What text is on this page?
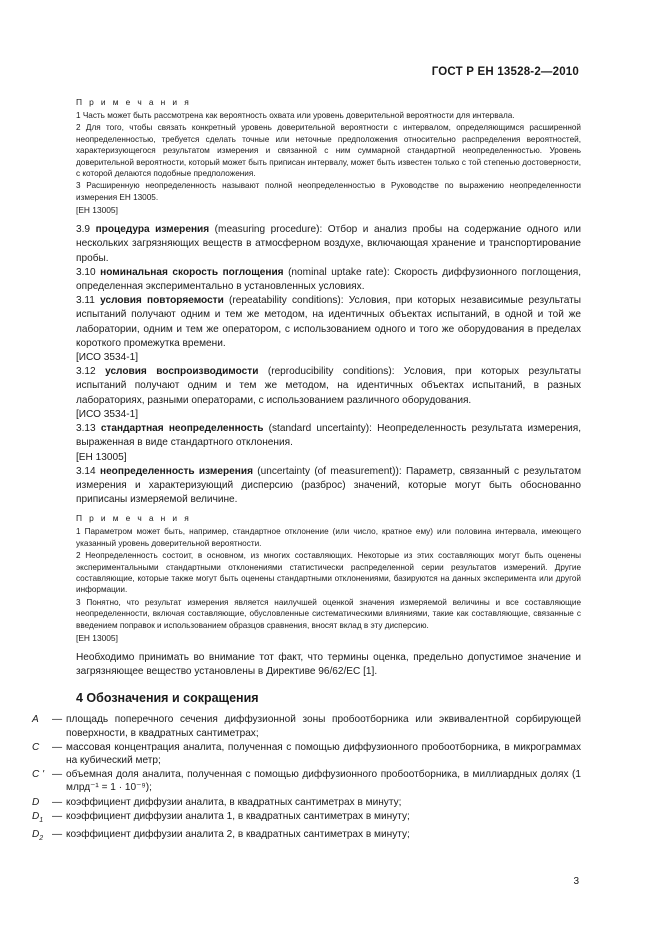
ГОСТ Р ЕН 13528-2—2010
П р и м е ч а н и я

1 Часть может быть рассмотрена как вероятность охвата или уровень доверительной вероятности для интервала.

2 Для того, чтобы связать конкретный уровень доверительной вероятности с интервалом, определяющимся расширенной неопределенностью, требуется сделать точные или неточные предположения относительно распределения вероятностей, характеризующегося результатом измерения и связанной с ним суммарной стандартной неопределенностью. Уровень доверительной вероятности, который может быть приписан интервалу, может быть известен только с той степенью достоверности, с которой делаются подобные предположения.

3 Расширенную неопределенность называют полной неопределенностью в Руководстве по выражению неопределенности измерения ЕН 13005.

[ЕН 13005]

3.9 процедура измерения (measuring procedure): Отбор и анализ пробы на содержание одного или нескольких загрязняющих веществ в атмосферном воздухе, включающая хранение и транспортирование пробы.

3.10 номинальная скорость поглощения (nominal uptake rate): Скорость диффузионного поглощения, определенная экспериментально в установленных условиях.

3.11 условия повторяемости (repeatability conditions): Условия, при которых независимые результаты испытаний получают одним и тем же методом, на идентичных объектах испытаний, в одной и той же лаборатории, одним и тем же оператором, с использованием одного и того же оборудования в пределах короткого промежутка времени.

[ИСО 3534-1]

3.12 условия воспроизводимости (reproducibility conditions): Условия, при которых результаты испытаний получают одним и тем же методом, на идентичных объектах испытаний, в разных лабораториях, разными операторами, с использованием различного оборудования.

[ИСО 3534-1]

3.13 стандартная неопределенность (standard uncertainty): Неопределенность результата измерения, выраженная в виде стандартного отклонения.

[ЕН 13005]

3.14 неопределенность измерения (uncertainty (of measurement)): Параметр, связанный с результатом измерения и характеризующий дисперсию (разброс) значений, которые могут быть обоснованно приписаны измеряемой величине.

П р и м е ч а н и я

1 Параметром может быть, например, стандартное отклонение (или число, кратное ему) или половина интервала, имеющего указанный уровень доверительной вероятности.

2 Неопределенность состоит, в основном, из многих составляющих. Некоторые из этих составляющих могут быть оценены экспериментальными стандартными отклонениями статистически распределенной серии результатов измерений. Другие составляющие, которые также могут быть оценены стандартными отклонениями, базируются на данных эксперимента или другой информации.

3 Понятно, что результат измерения является наилучшей оценкой значения измеряемой величины и все составляющие неопределенности, включая составляющие, обусловленные систематическими влияниями, такие как составляющие, связанные с введением поправок и использованием образцов сравнения, вносят вклад в эту дисперсию.

[ЕН 13005]

Необходимо принимать во внимание тот факт, что термины оценка, предельно допустимое значение и загрязняющее вещество установлены в Директиве 96/62/ЕС [1].

4 Обозначения и сокращения
A	— площадь поперечного сечения диффузионной зоны пробоотборника или эквивалентной сорбирующей поверхности, в квадратных сантиметрах;
C	— массовая концентрация аналита, полученная с помощью диффузионного пробоотборника, в микрограммах на кубический метр;
C ' — объемная доля аналита, полученная с помощью диффузионного пробоотборника, в миллиардных долях (1 млрд⁻¹ = 1 · 10⁻⁹);
D	— коэффициент диффузии аналита, в квадратных сантиметрах в минуту;
$D_1$ — коэффициент диффузии аналита 1, в квадратных сантиметрах в минуту;
$D_2$ — коэффициент диффузии аналита 2, в квадратных сантиметрах в минуту;
3
